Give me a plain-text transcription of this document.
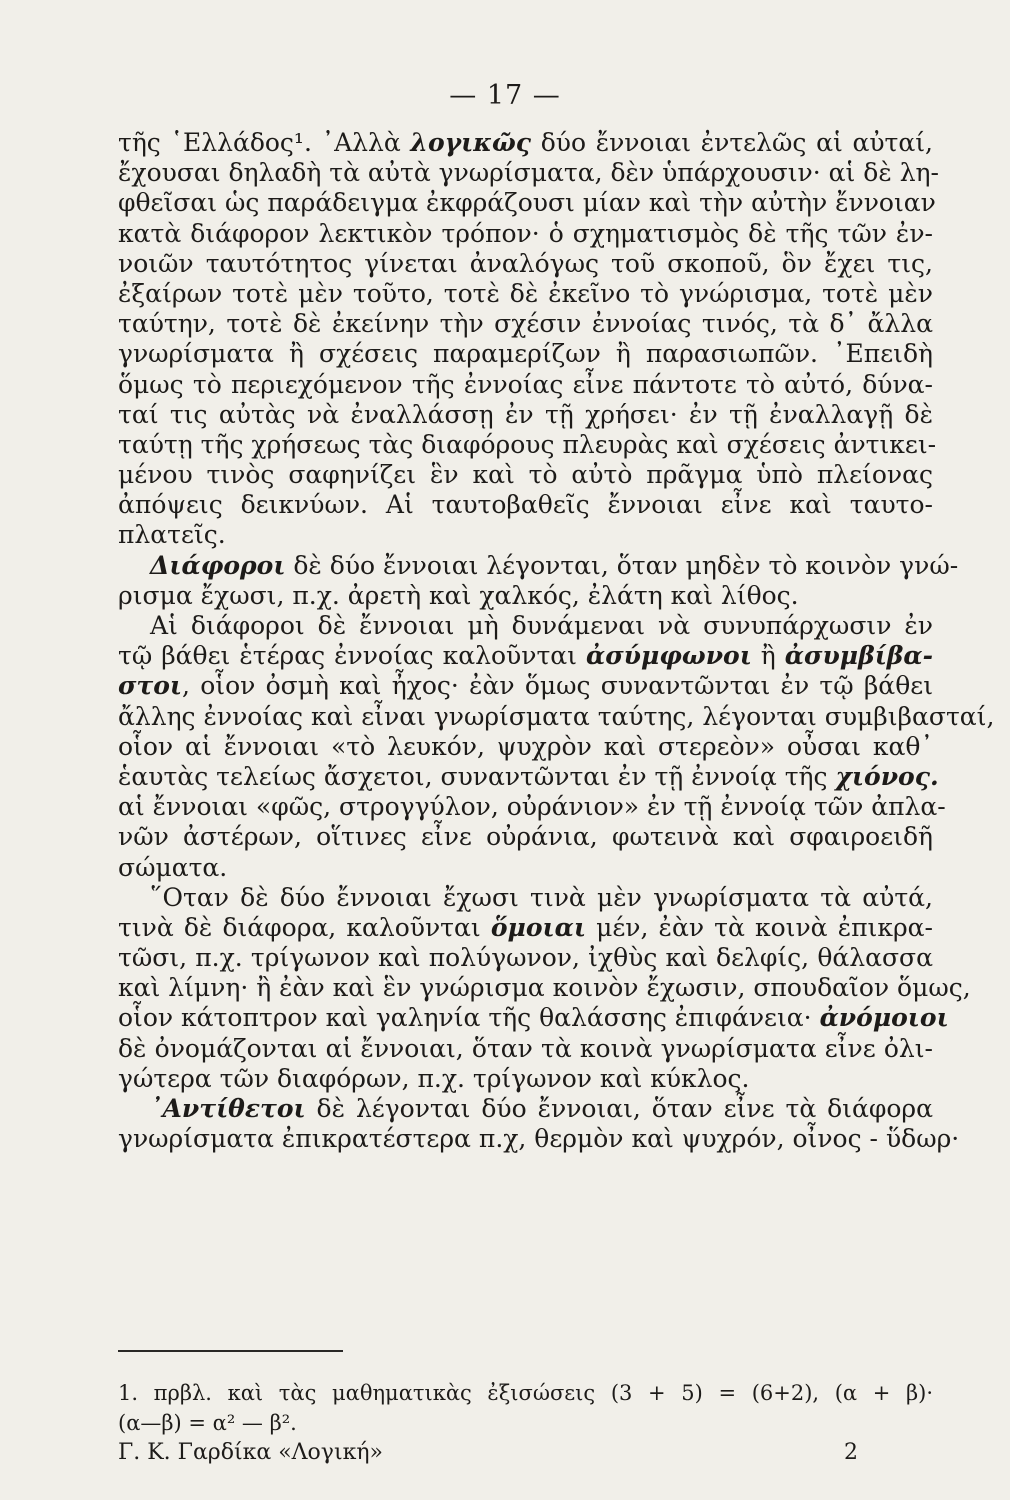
— 17 —
τῆς ῾Ελλάδος¹. ᾿Αλλὰ λογικῶς δύο ἔννοιαι ἐντελῶς αἱ αὐταί,
ἔχουσαι δηλαδὴ τὰ αὐτὰ γνωρίσματα, δὲν ὑπάρχουσιν· αἱ δὲ λη-
φθεῖσαι ὡς παράδειγμα ἐκφράζουσι μίαν καὶ τὴν αὐτὴν ἔννοιαν
κατὰ διάφορον λεκτικὸν τρόπον· ὁ σχηματισμὸς δὲ τῆς τῶν ἐν-
νοιῶν ταυτότητος γίνεται ἀναλόγως τοῦ σκοποῦ, ὃν ἔχει τις,
ἐξαίρων τοτὲ μὲν τοῦτο, τοτὲ δὲ ἐκεῖνο τὸ γνώρισμα, τοτὲ μὲν
ταύτην, τοτὲ δὲ ἐκείνην τὴν σχέσιν ἐννοίας τινός, τὰ δ᾿ ἄλλα
γνωρίσματα ἢ σχέσεις παραμερίζων ἢ παρασιωπῶν. ᾿Επειδὴ
ὅμως τὸ περιεχόμενον τῆς ἐννοίας εἶνε πάντοτε τὸ αὐτό, δύνα-
ταί τις αὐτὰς νὰ ἐναλλάσσῃ ἐν τῇ χρήσει· ἐν τῇ ἐναλλαγῇ δὲ
ταύτῃ τῆς χρήσεως τὰς διαφόρους πλευρὰς καὶ σχέσεις ἀντικει-
μένου τινὸς σαφηνίζει ἓν καὶ τὸ αὐτὸ πρᾶγμα ὑπὸ πλείονας
ἀπόψεις δεικνύων. Αἱ ταυτοβαθεῖς ἔννοιαι εἶνε καὶ ταυτο-
πλατεῖς.
Διάφοροι δὲ δύο ἔννοιαι λέγονται, ὅταν μηδὲν τὸ κοινὸν γνώ-
ρισμα ἔχωσι, π.χ. ἀρετὴ καὶ χαλκός, ἐλάτη καὶ λίθος.
Αἱ διάφοροι δὲ ἔννοιαι μὴ δυνάμεναι νὰ συνυπάρχωσιν ἐν
τῷ βάθει ἑτέρας ἐννοίας καλοῦνται ἀσύμφωνοι ἢ ἀσυμβίβα-
στοι, οἷον ὀσμὴ καὶ ἦχος· ἐὰν ὅμως συναντῶνται ἐν τῷ βάθει
ἄλλης ἐννοίας καὶ εἶναι γνωρίσματα ταύτης, λέγονται συμβιβασταί,
οἷον αἱ ἔννοιαι «τὸ λευκόν, ψυχρὸν καὶ στερεὸν» οὖσαι καθ᾿
ἑαυτὰς τελείως ἄσχετοι, συναντῶνται ἐν τῇ ἐννοίᾳ τῆς χιόνος.
αἱ ἔννοιαι «φῶς, στρογγύλον, οὐράνιον» ἐν τῇ ἐννοίᾳ τῶν ἀπλα-
νῶν ἀστέρων, οἵτινες εἶνε οὐράνια, φωτεινὰ καὶ σφαιροειδῆ
σώματα.
῞Οταν δὲ δύο ἔννοιαι ἔχωσι τινὰ μὲν γνωρίσματα τὰ αὐτά,
τινὰ δὲ διάφορα, καλοῦνται ὅμοιαι μέν, ἐὰν τὰ κοινὰ ἐπικρα-
τῶσι, π.χ. τρίγωνον καὶ πολύγωνον, ἰχθὺς καὶ δελφίς, θάλασσα
καὶ λίμνη· ἢ ἐὰν καὶ ἓν γνώρισμα κοινὸν ἔχωσιν, σπουδαῖον ὅμως,
οἷον κάτοπτρον καὶ γαληνία τῆς θαλάσσης ἐπιφάνεια· ἀνόμοιοι
δὲ ὀνομάζονται αἱ ἔννοιαι, ὅταν τὰ κοινὰ γνωρίσματα εἶνε ὀλι-
γώτερα τῶν διαφόρων, π.χ. τρίγωνον καὶ κύκλος.
᾿Αντίθετοι δὲ λέγονται δύο ἔννοιαι, ὅταν εἶνε τὰ διάφορα
γνωρίσματα ἐπικρατέστερα π.χ, θερμὸν καὶ ψυχρόν, οἶνος - ὕδωρ·
1. πρβλ. καὶ τὰς μαθηματικὰς ἐξισώσεις (3 + 5) = (6+2), (α + β)·
(α—β) = α² — β².
Γ. Κ. Γαρδίκα «Λογική»	2
